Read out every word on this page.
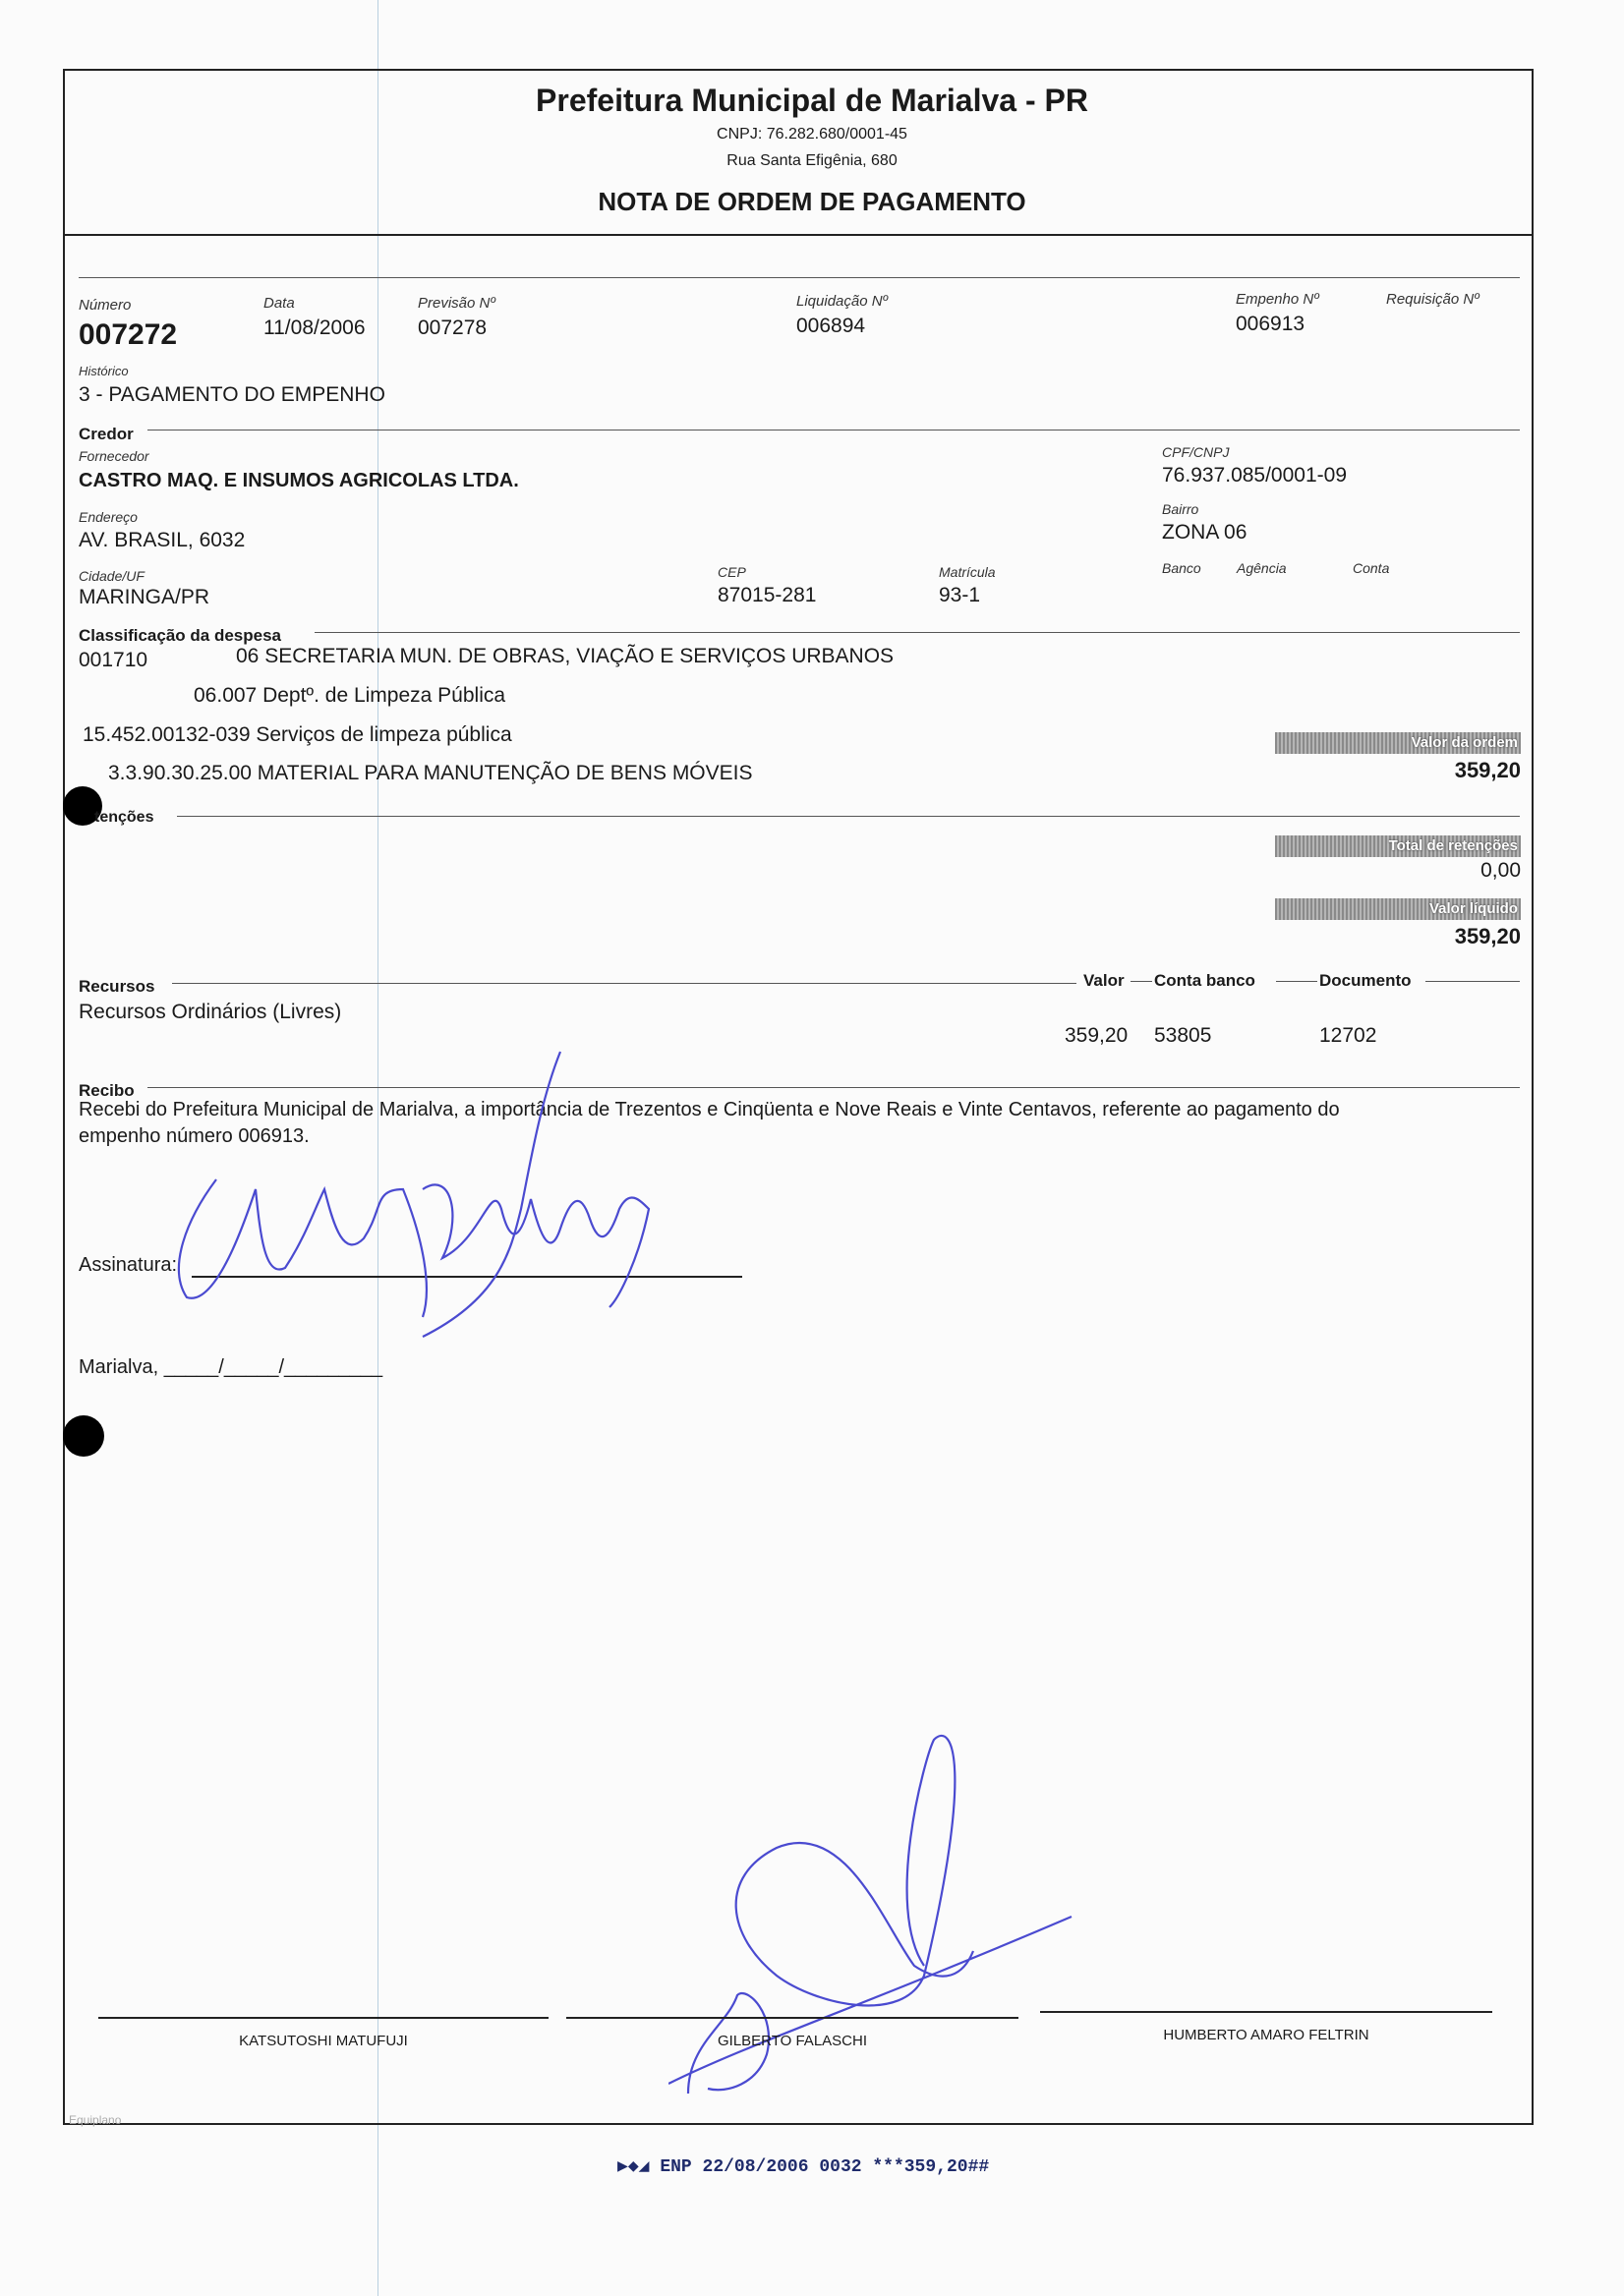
Prefeitura Municipal de Marialva - PR
CNPJ: 76.282.680/0001-45
Rua Santa Efigênia, 680
NOTA DE ORDEM DE PAGAMENTO
Número
007272
Data
11/08/2006
Previsão Nº
007278
Liquidação Nº
006894
Empenho Nº
006913
Requisição Nº
Histórico
3 - PAGAMENTO DO EMPENHO
Credor
Fornecedor
CASTRO MAQ. E INSUMOS AGRICOLAS LTDA.
CPF/CNPJ
76.937.085/0001-09
Endereço
AV. BRASIL, 6032
Bairro
ZONA 06
Cidade/UF
MARINGA/PR
CEP
87015-281
Matrícula
93-1
Banco	Agência	Conta
Classificação da despesa
001710	06 SECRETARIA MUN. DE OBRAS, VIAÇÃO E SERVIÇOS URBANOS
06.007 Deptº. de Limpeza Pública
15.452.00132-039 Serviços de limpeza pública
3.3.90.30.25.00 MATERIAL PARA MANUTENÇÃO DE BENS MÓVEIS
Valor da ordem
359,20
tenções
Total de retenções
0,00
Valor líquido
359,20
Recursos	Valor Conta banco	Documento
Recursos Ordinários (Livres)
359,20 53805	12702
Recibo
Recebi do Prefeitura Municipal de Marialva, a importância de Trezentos e Cinqüenta e Nove Reais e Vinte Centavos, referente ao pagamento do
empenho número 006913.
Assinatura:
Marialva, _____/_____/_________
KATSUTOSHI MATUFUJI	GILBERTO FALASCHI	HUMBERTO AMARO FELTRIN
Equiplano
▶◆◢ ENP 22/08/2006 0032 ***359,20##
